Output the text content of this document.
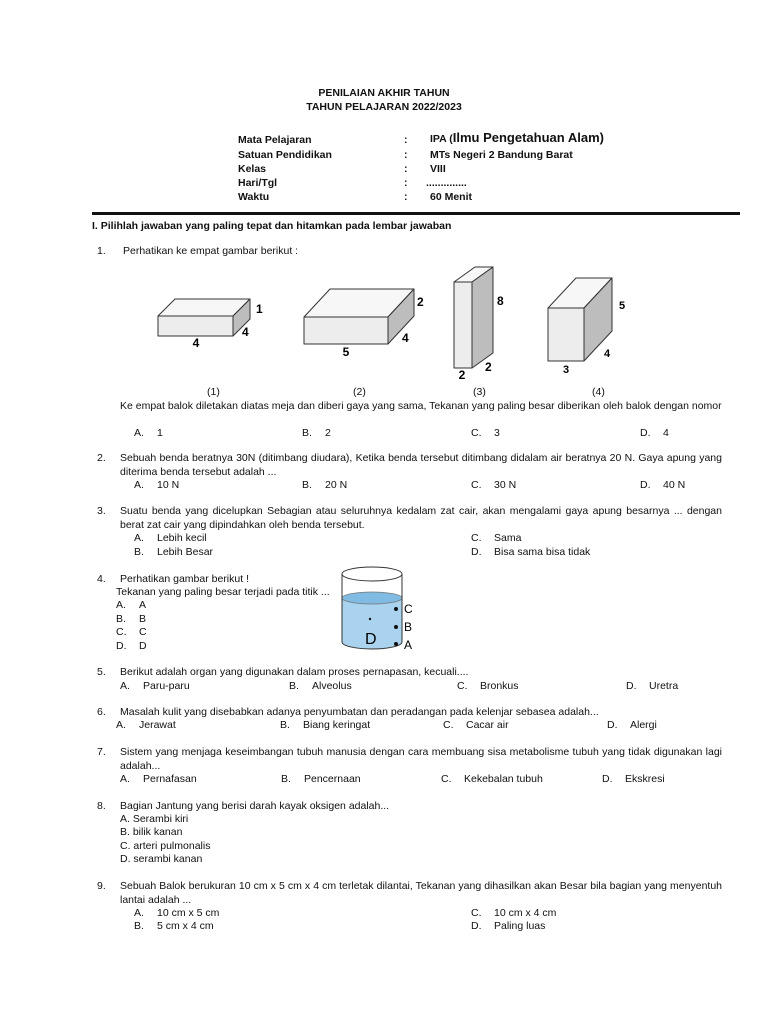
PENILAIAN AKHIR TAHUN
TAHUN PELAJARAN 2022/2023
Mata Pelajaran	: IPA (Ilmu Pengetahuan Alam)
Satuan Pendidikan	: MTs Negeri 2 Bandung Barat
Kelas	: VIII
Hari/Tgl	: ..............
Waktu	: 60 Menit
I. Pilihlah jawaban yang paling tepat dan hitamkan pada lembar jawaban
1. Perhatikan ke empat gambar berikut :
4
1
4
5
2
4
2
8
2	3
5
4
(1)	(2)	(3)	(4)
Ke empat balok diletakan diatas meja dan diberi gaya yang sama, Tekanan yang paling besar diberikan oleh balok dengan nomor
A. 1	B. 2	C. 3	D. 4
2. Sebuah benda beratnya 30N (ditimbang diudara), Ketika benda tersebut ditimbang didalam air beratnya 20 N. Gaya apung yang diterima benda tersebut adalah ...
A. 10 N	B. 20 N	C. 30 N	D. 40 N
3. Suatu benda yang dicelupkan Sebagian atau seluruhnya kedalam zat cair, akan mengalami gaya apung besarnya ... dengan berat zat cair yang dipindahkan oleh benda tersebut.
A. Lebih kecil
B. Lebih Besar
C. Sama
D. Bisa sama bisa tidak
4. Perhatikan gambar berikut !
Tekanan yang paling besar terjadi pada titik ...
A. A
B. B
C. C
D. D	D
C
B
A
5. Berikut adalah organ yang digunakan dalam proses pernapasan, kecuali....
A. Paru-paru	B. Alveolus	C. Bronkus	D. Uretra
6. Masalah kulit yang disebabkan adanya penyumbatan dan peradangan pada kelenjar sebasea adalah...
A. Jerawat	B. Biang keringat	C. Cacar air	D. Alergi
7. Sistem yang menjaga keseimbangan tubuh manusia dengan cara membuang sisa metabolisme tubuh yang tidak digunakan lagi adalah...
A. Pernafasan	B. Pencernaan	C. Kekebalan tubuh	D. Ekskresi
8. Bagian Jantung yang berisi darah kayak oksigen adalah...
A. Serambi kiri
B. bilik kanan
C. arteri pulmonalis
D. serambi kanan
9. Sebuah Balok berukuran 10 cm x 5 cm x 4 cm terletak dilantai, Tekanan yang dihasilkan akan Besar bila bagian yang menyentuh lantai adalah ...
A. 10 cm x 5 cm
B. 5 cm x 4 cm
C. 10 cm x 4 cm
D. Paling luas
